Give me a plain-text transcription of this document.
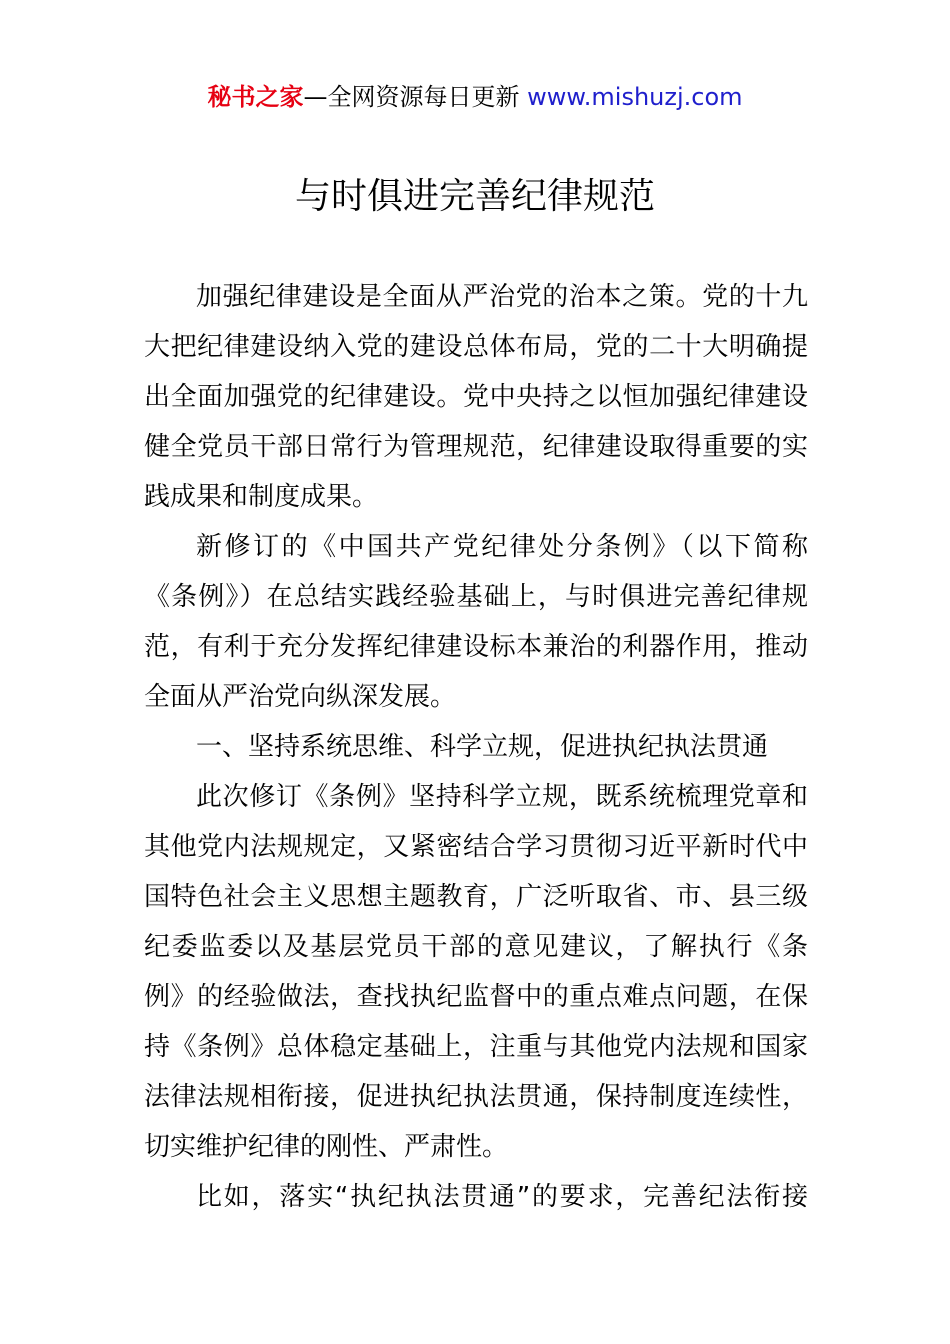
秘书之家—全网资源每日更新 www.mishuzj.com
与时俱进完善纪律规范
加强纪律建设是全面从严治党的治本之策。党的十九
大把纪律建设纳入党的建设总体布局，党的二十大明确提
出全面加强党的纪律建设。党中央持之以恒加强纪律建设
健全党员干部日常行为管理规范，纪律建设取得重要的实
践成果和制度成果。
新修订的《中国共产党纪律处分条例》（以下简称
《条例》）在总结实践经验基础上，与时俱进完善纪律规
范，有利于充分发挥纪律建设标本兼治的利器作用，推动
全面从严治党向纵深发展。
一、坚持系统思维、科学立规，促进执纪执法贯通
此次修订《条例》坚持科学立规，既系统梳理党章和
其他党内法规规定，又紧密结合学习贯彻习近平新时代中
国特色社会主义思想主题教育，广泛听取省、市、县三级
纪委监委以及基层党员干部的意见建议，了解执行《条
例》的经验做法，查找执纪监督中的重点难点问题，在保
持《条例》总体稳定基础上，注重与其他党内法规和国家
法律法规相衔接，促进执纪执法贯通，保持制度连续性，
切实维护纪律的刚性、严肃性。
比如，落实“执纪执法贯通”的要求，完善纪法衔接
